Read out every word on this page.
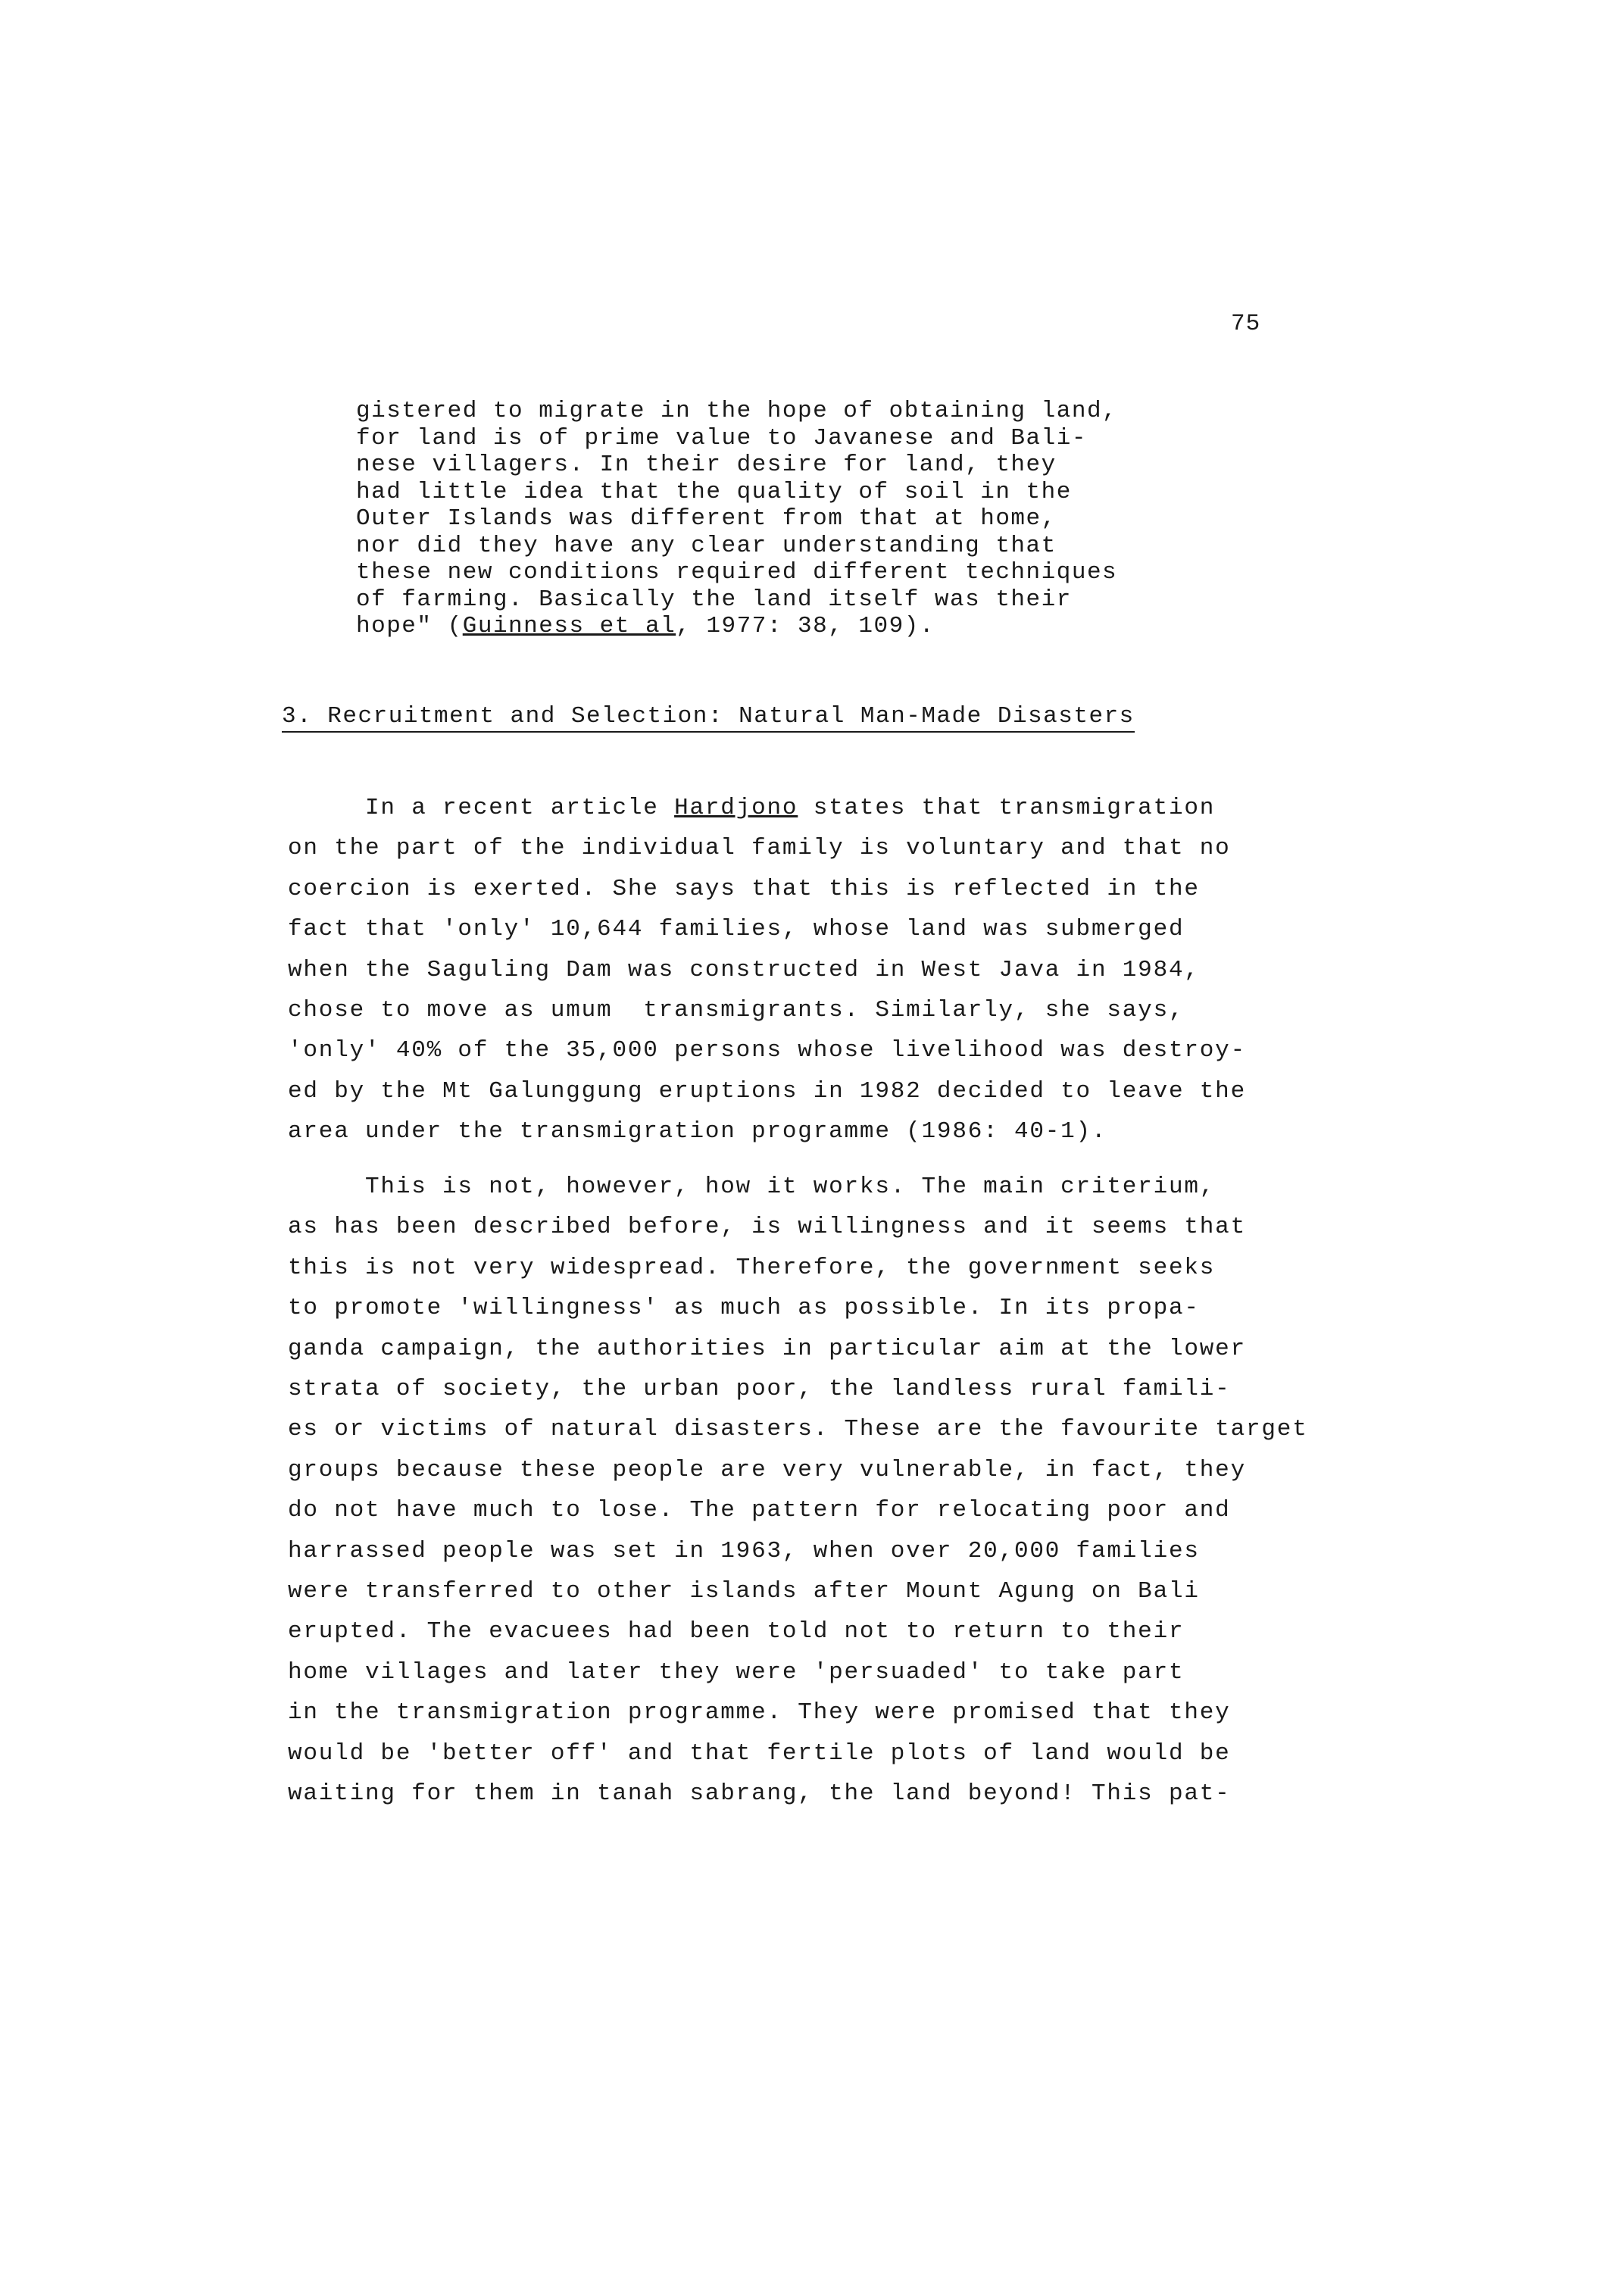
75
gistered to migrate in the hope of obtaining land,
for land is of prime value to Javanese and Bali-
nese villagers. In their desire for land, they
had little idea that the quality of soil in the
Outer Islands was different from that at home,
nor did they have any clear understanding that
these new conditions required different techniques
of farming. Basically the land itself was their
hope" (Guinness et al, 1977: 38, 109).
3. Recruitment and Selection: Natural Man-Made Disasters
In a recent article Hardjono states that transmigration
on the part of the individual family is voluntary and that no
coercion is exerted. She says that this is reflected in the
fact that 'only' 10,644 families, whose land was submerged
when the Saguling Dam was constructed in West Java in 1984,
chose to move as umum  transmigrants. Similarly, she says,
'only' 40% of the 35,000 persons whose livelihood was destroy-
ed by the Mt Galunggung eruptions in 1982 decided to leave the
area under the transmigration programme (1986: 40-1).
This is not, however, how it works. The main criterium,
as has been described before, is willingness and it seems that
this is not very widespread. Therefore, the government seeks
to promote 'willingness' as much as possible. In its propa-
ganda campaign, the authorities in particular aim at the lower
strata of society, the urban poor, the landless rural famili-
es or victims of natural disasters. These are the favourite target
groups because these people are very vulnerable, in fact, they
do not have much to lose. The pattern for relocating poor and
harrassed people was set in 1963, when over 20,000 families
were transferred to other islands after Mount Agung on Bali
erupted. The evacuees had been told not to return to their
home villages and later they were 'persuaded' to take part
in the transmigration programme. They were promised that they
would be 'better off' and that fertile plots of land would be
waiting for them in tanah sabrang, the land beyond! This pat-
